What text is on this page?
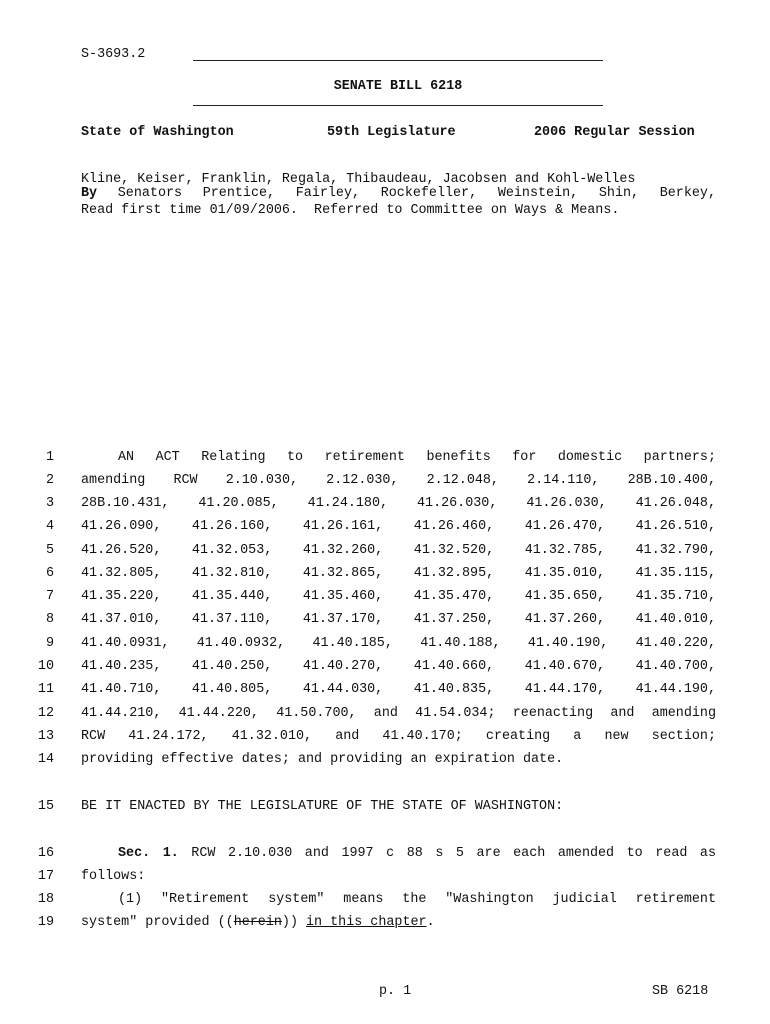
S-3693.2
SENATE BILL 6218
State of Washington	59th Legislature	2006 Regular Session

By Senators Prentice, Fairley, Rockefeller, Weinstein, Shin, Berkey,

Kline, Keiser, Franklin, Regala, Thibaudeau, Jacobsen and Kohl-Welles
Read first time 01/09/2006.  Referred to Committee on Ways & Means.
1	AN ACT Relating to retirement benefits for domestic partners;
2 amending RCW 2.10.030, 2.12.030, 2.12.048, 2.14.110, 28B.10.400,
3 28B.10.431, 41.20.085, 41.24.180, 41.26.030, 41.26.030, 41.26.048,
4 41.26.090, 41.26.160, 41.26.161, 41.26.460, 41.26.470, 41.26.510,
5 41.26.520, 41.32.053, 41.32.260, 41.32.520, 41.32.785, 41.32.790,
6 41.32.805, 41.32.810, 41.32.865, 41.32.895, 41.35.010, 41.35.115,
7 41.35.220, 41.35.440, 41.35.460, 41.35.470, 41.35.650, 41.35.710,
8 41.37.010, 41.37.110, 41.37.170, 41.37.250, 41.37.260, 41.40.010,
9 41.40.0931, 41.40.0932, 41.40.185, 41.40.188, 41.40.190, 41.40.220,
10 41.40.235, 41.40.250, 41.40.270, 41.40.660, 41.40.670, 41.40.700,
11 41.40.710, 41.40.805, 41.44.030, 41.40.835, 41.44.170, 41.44.190,
12 41.44.210, 41.44.220, 41.50.700, and 41.54.034; reenacting and amending
13 RCW 41.24.172, 41.32.010, and 41.40.170; creating a new section;
14 providing effective dates; and providing an expiration date.
15 BE IT ENACTED BY THE LEGISLATURE OF THE STATE OF WASHINGTON:
16	Sec. 1. RCW 2.10.030 and 1997 c 88 s 5 are each amended to read as
17 follows:
18	(1) "Retirement system" means the "Washington judicial retirement
19 system" provided ((herein)) in this chapter.
p. 1	SB 6218
